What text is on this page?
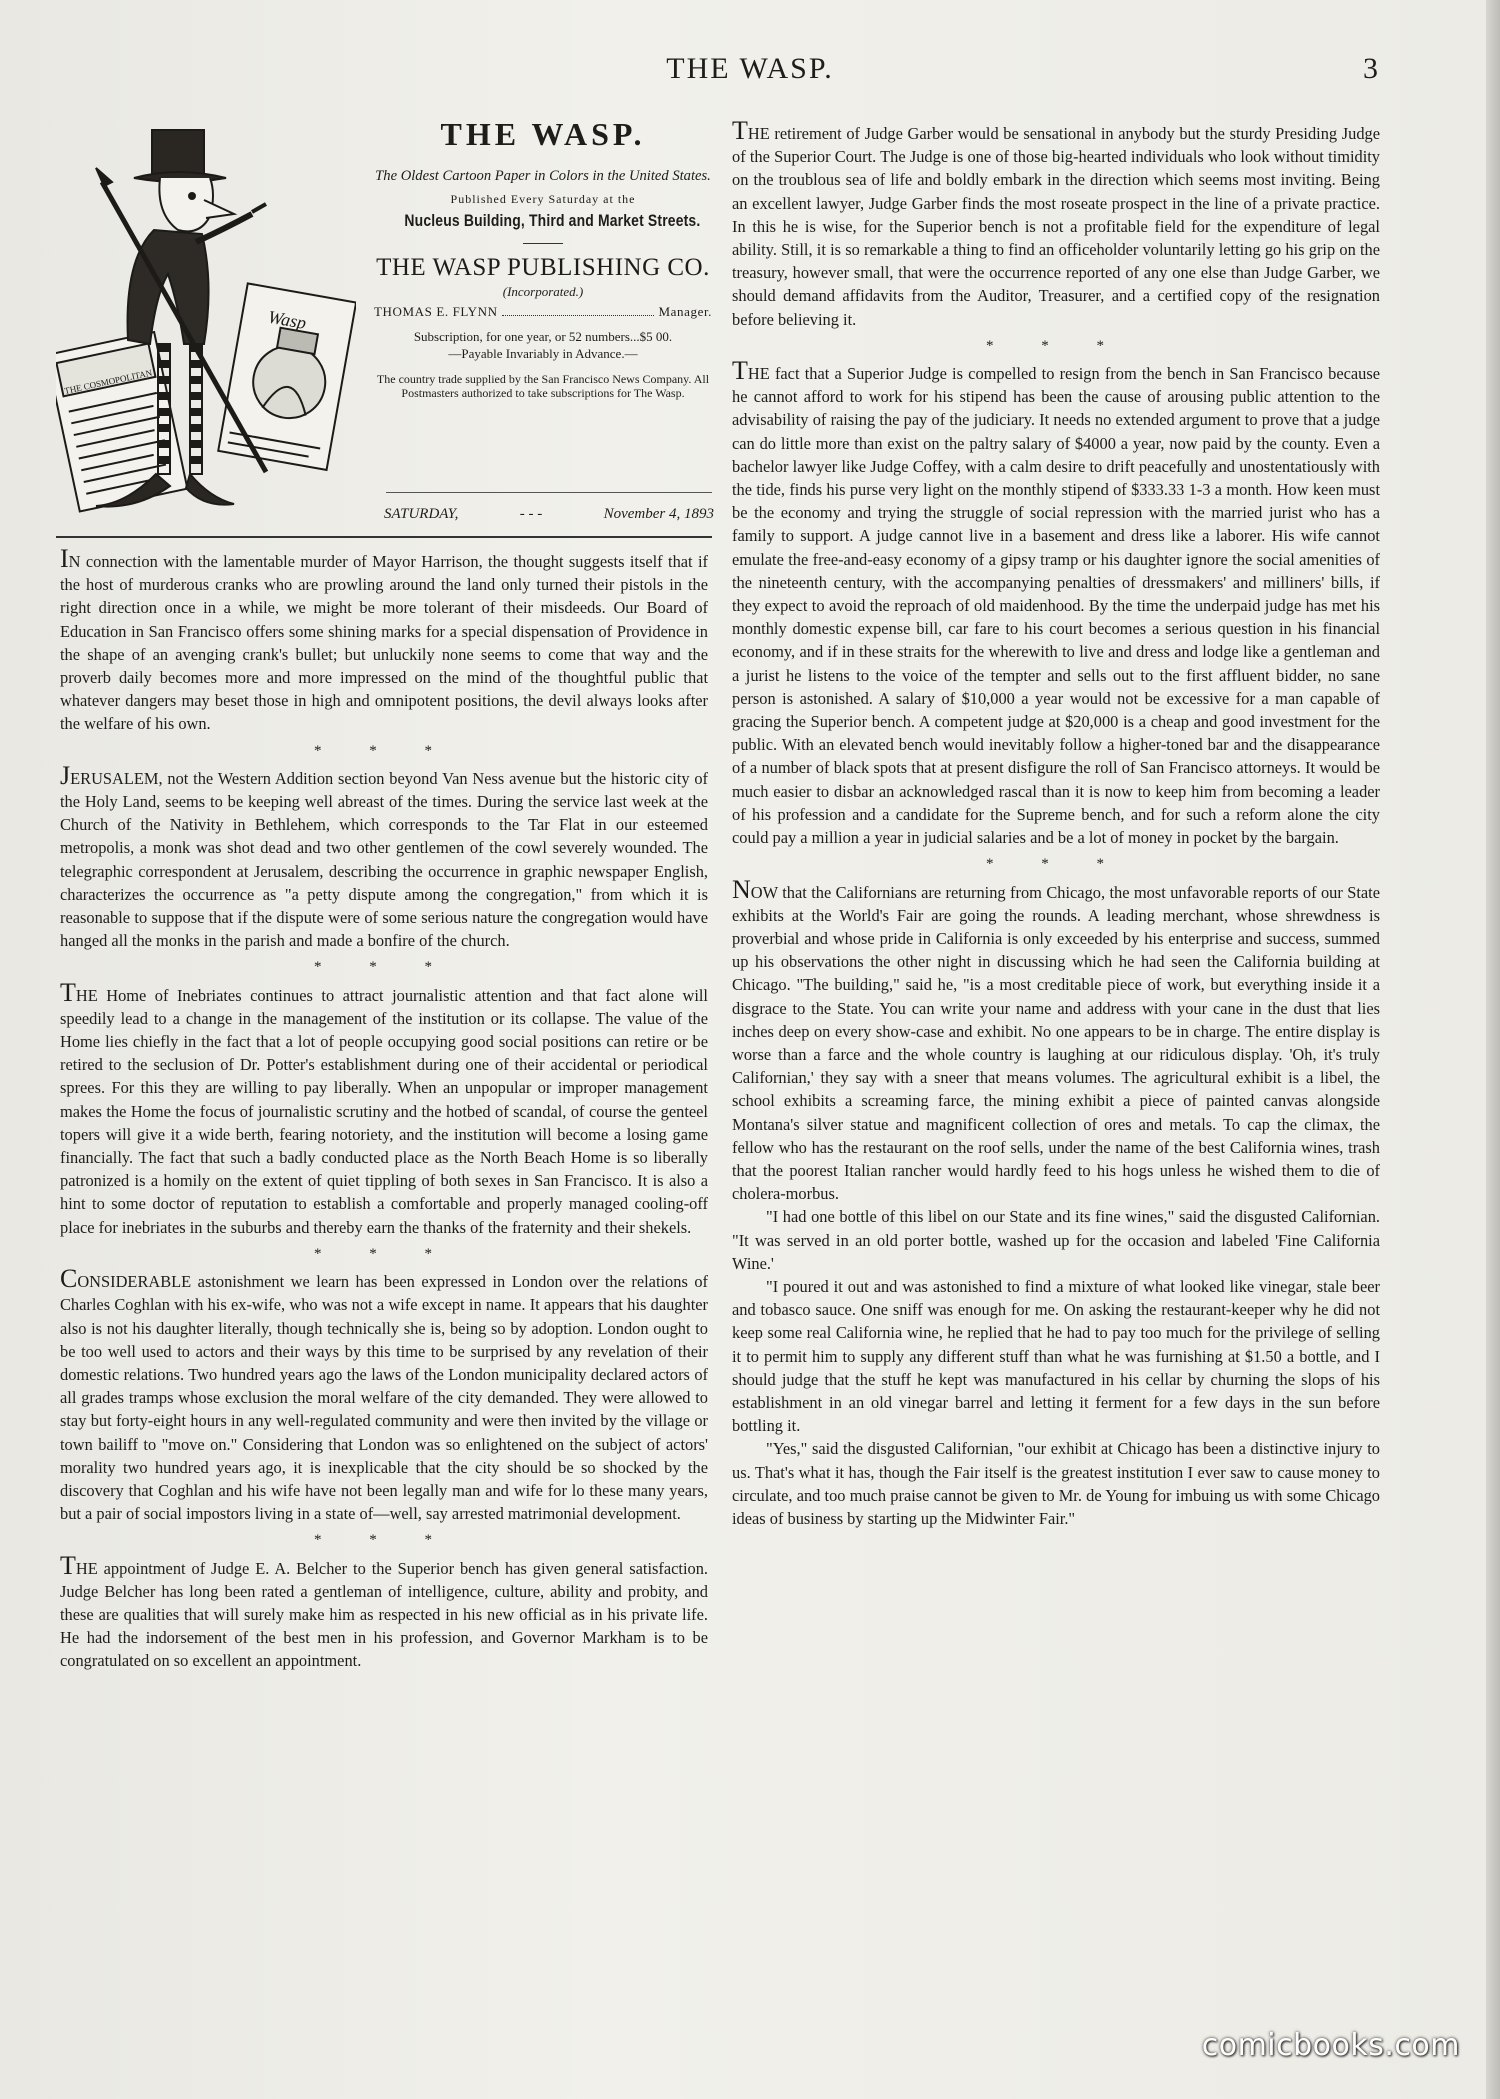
THE WASP.	3
THE COSMOPOLITAN
Wasp
THE WASP.
The Oldest Cartoon Paper in Colors in the United States.
Published Every Saturday at the
Nucleus Building, Third and Market Streets.
THE WASP PUBLISHING CO.
(Incorporated.)
THOMAS E. FLYNN	Manager.
Subscription, for one year, or 52 numbers...$5 00.
—Payable Invariably in Advance.—
The country trade supplied by the San Francisco News Company. All Postmasters authorized to take subscriptions for The Wasp.
SATURDAY,	- - -	November 4, 1893

IN connection with the lamentable murder of Mayor Harrison, the thought suggests itself that if the host of murderous cranks who are prowling around the land only turned their pistols in the right direction once in a while, we might be more tolerant of their misdeeds. Our Board of Education in San Francisco offers some shining marks for a special dispensation of Providence in the shape of an avenging crank's bullet; but unluckily none seems to come that way and the proverb daily becomes more and more impressed on the mind of the thoughtful public that whatever dangers may beset those in high and omnipotent positions, the devil always looks after the welfare of his own.

* * *

JERUSALEM, not the Western Addition section beyond Van Ness avenue but the historic city of the Holy Land, seems to be keeping well abreast of the times. During the service last week at the Church of the Nativity in Bethlehem, which corresponds to the Tar Flat in our esteemed metropolis, a monk was shot dead and two other gentlemen of the cowl severely wounded. The telegraphic correspondent at Jerusalem, describing the occurrence in graphic newspaper English, characterizes the occurrence as "a petty dispute among the congregation," from which it is reasonable to suppose that if the dispute were of some serious nature the congregation would have hanged all the monks in the parish and made a bonfire of the church.

* * *

THE Home of Inebriates continues to attract journalistic attention and that fact alone will speedily lead to a change in the management of the institution or its collapse. The value of the Home lies chiefly in the fact that a lot of people occupying good social positions can retire or be retired to the seclusion of Dr. Potter's establishment during one of their accidental or periodical sprees. For this they are willing to pay liberally. When an unpopular or improper management makes the Home the focus of journalistic scrutiny and the hotbed of scandal, of course the genteel topers will give it a wide berth, fearing notoriety, and the institution will become a losing game financially. The fact that such a badly conducted place as the North Beach Home is so liberally patronized is a homily on the extent of quiet tippling of both sexes in San Francisco. It is also a hint to some doctor of reputation to establish a comfortable and properly managed cooling-off place for inebriates in the suburbs and thereby earn the thanks of the fraternity and their shekels.

* * *

CONSIDERABLE astonishment we learn has been expressed in London over the relations of Charles Coghlan with his ex-wife, who was not a wife except in name. It appears that his daughter also is not his daughter literally, though technically she is, being so by adoption. London ought to be too well used to actors and their ways by this time to be surprised by any revelation of their domestic relations. Two hundred years ago the laws of the London municipality declared actors of all grades tramps whose exclusion the moral welfare of the city demanded. They were allowed to stay but forty-eight hours in any well-regulated community and were then invited by the village or town bailiff to "move on." Considering that London was so enlightened on the subject of actors' morality two hundred years ago, it is inexplicable that the city should be so shocked by the discovery that Coghlan and his wife have not been legally man and wife for lo these many years, but a pair of social impostors living in a state of—well, say arrested matrimonial development.

* * *

THE appointment of Judge E. A. Belcher to the Superior bench has given general satisfaction. Judge Belcher has long been rated a gentleman of intelligence, culture, ability and probity, and these are qualities that will surely make him as respected in his new official as in his private life. He had the indorsement of the best men in his profession, and Governor Markham is to be congratulated on so excellent an appointment.

THE retirement of Judge Garber would be sensational in anybody but the sturdy Presiding Judge of the Superior Court. The Judge is one of those big-hearted individuals who look without timidity on the troublous sea of life and boldly embark in the direction which seems most inviting. Being an excellent lawyer, Judge Garber finds the most roseate prospect in the line of a private practice. In this he is wise, for the Superior bench is not a profitable field for the expenditure of legal ability. Still, it is so remarkable a thing to find an officeholder voluntarily letting go his grip on the treasury, however small, that were the occurrence reported of any one else than Judge Garber, we should demand affidavits from the Auditor, Treasurer, and a certified copy of the resignation before believing it.

* * *

THE fact that a Superior Judge is compelled to resign from the bench in San Francisco because he cannot afford to work for his stipend has been the cause of arousing public attention to the advisability of raising the pay of the judiciary. It needs no extended argument to prove that a judge can do little more than exist on the paltry salary of $4000 a year, now paid by the county. Even a bachelor lawyer like Judge Coffey, with a calm desire to drift peacefully and unostentatiously with the tide, finds his purse very light on the monthly stipend of $333.33 1-3 a month. How keen must be the economy and trying the struggle of social repression with the married jurist who has a family to support. A judge cannot live in a basement and dress like a laborer. His wife cannot emulate the free-and-easy economy of a gipsy tramp or his daughter ignore the social amenities of the nineteenth century, with the accompanying penalties of dressmakers' and milliners' bills, if they expect to avoid the reproach of old maidenhood. By the time the underpaid judge has met his monthly domestic expense bill, car fare to his court becomes a serious question in his financial economy, and if in these straits for the wherewith to live and dress and lodge like a gentleman and a jurist he listens to the voice of the tempter and sells out to the first affluent bidder, no sane person is astonished. A salary of $10,000 a year would not be excessive for a man capable of gracing the Superior bench. A competent judge at $20,000 is a cheap and good investment for the public. With an elevated bench would inevitably follow a higher-toned bar and the disappearance of a number of black spots that at present disfigure the roll of San Francisco attorneys. It would be much easier to disbar an acknowledged rascal than it is now to keep him from becoming a leader of his profession and a candidate for the Supreme bench, and for such a reform alone the city could pay a million a year in judicial salaries and be a lot of money in pocket by the bargain.

* * *

NOW that the Californians are returning from Chicago, the most unfavorable reports of our State exhibits at the World's Fair are going the rounds. A leading merchant, whose shrewdness is proverbial and whose pride in California is only exceeded by his enterprise and success, summed up his observations the other night in discussing which he had seen the California building at Chicago. "The building," said he, "is a most creditable piece of work, but everything inside it a disgrace to the State. You can write your name and address with your cane in the dust that lies inches deep on every show-case and exhibit. No one appears to be in charge. The entire display is worse than a farce and the whole country is laughing at our ridiculous display. 'Oh, it's truly Californian,' they say with a sneer that means volumes. The agricultural exhibit is a libel, the school exhibits a screaming farce, the mining exhibit a piece of painted canvas alongside Montana's silver statue and magnificent collection of ores and metals. To cap the climax, the fellow who has the restaurant on the roof sells, under the name of the best California wines, trash that the poorest Italian rancher would hardly feed to his hogs unless he wished them to die of cholera-morbus.

"I had one bottle of this libel on our State and its fine wines," said the disgusted Californian. "It was served in an old porter bottle, washed up for the occasion and labeled 'Fine California Wine.'

"I poured it out and was astonished to find a mixture of what looked like vinegar, stale beer and tobasco sauce. One sniff was enough for me. On asking the restaurant-keeper why he did not keep some real California wine, he replied that he had to pay too much for the privilege of selling it to permit him to supply any different stuff than what he was furnishing at $1.50 a bottle, and I should judge that the stuff he kept was manufactured in his cellar by churning the slops of his establishment in an old vinegar barrel and letting it ferment for a few days in the sun before bottling it.

"Yes," said the disgusted Californian, "our exhibit at Chicago has been a distinctive injury to us. That's what it has, though the Fair itself is the greatest institution I ever saw to cause money to circulate, and too much praise cannot be given to Mr. de Young for imbuing us with some Chicago ideas of business by starting up the Midwinter Fair."

comicbooks.com
